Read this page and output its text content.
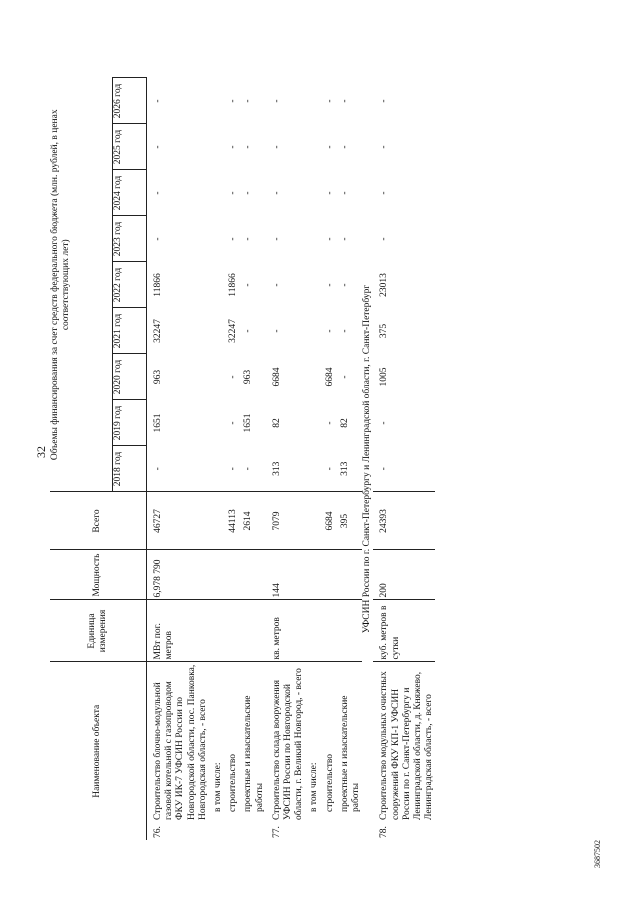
32
Наименование объекта		Единица измерения	Мощность	Всего	Объемы финансирования за счет средств федерального бюджета (млн. рублей, в ценах соответствующих лет)								
					2018 год	2019 год	2020 год	2021 год	2022 год	2023 год	2024 год	2025 год	2026 год
76.	Строительство блочно-модульной газовой котельной с газопроводом ФКУ ИК-7 УФСИН России по Новгородской области, пос. Панковка, Новгородская область, - всего	МВт пог. метров	6,978 790	46727	-	1651	963	32247	11866	-	-	-	-
	в том числе:												
	строительство			44113	-	-	-	32247	11866	-	-	-	-
	проектные и изыскательские работы			2614	-	1651	963	-	-	-	-	-	-
77.	Строительство склада вооружения УФСИН России по Новгородской области, г. Великий Новгород, - всего	кв. метров	144	7079	313	82	6684	-	-	-	-	-	-
	в том числе:												
	строительство			6684	-	-	6684	-	-	-	-	-	-
	проектные и изыскательские работы			395	313	82	-	-	-	-	-	-	-
УФСИН России по г. Санкт-Петербургу и Ленинградской области, г. Санкт-Петербург													
78.	Строительство модульных очистных сооружений ФКУ КП-1 УФСИН России по г. Санкт-Петербургу и Ленинградской области, д. Княжево, Ленинградская область, - всего	куб. метров в сутки	200	24393	-	-	1005	375	23013	-	-	-	-
3687502
